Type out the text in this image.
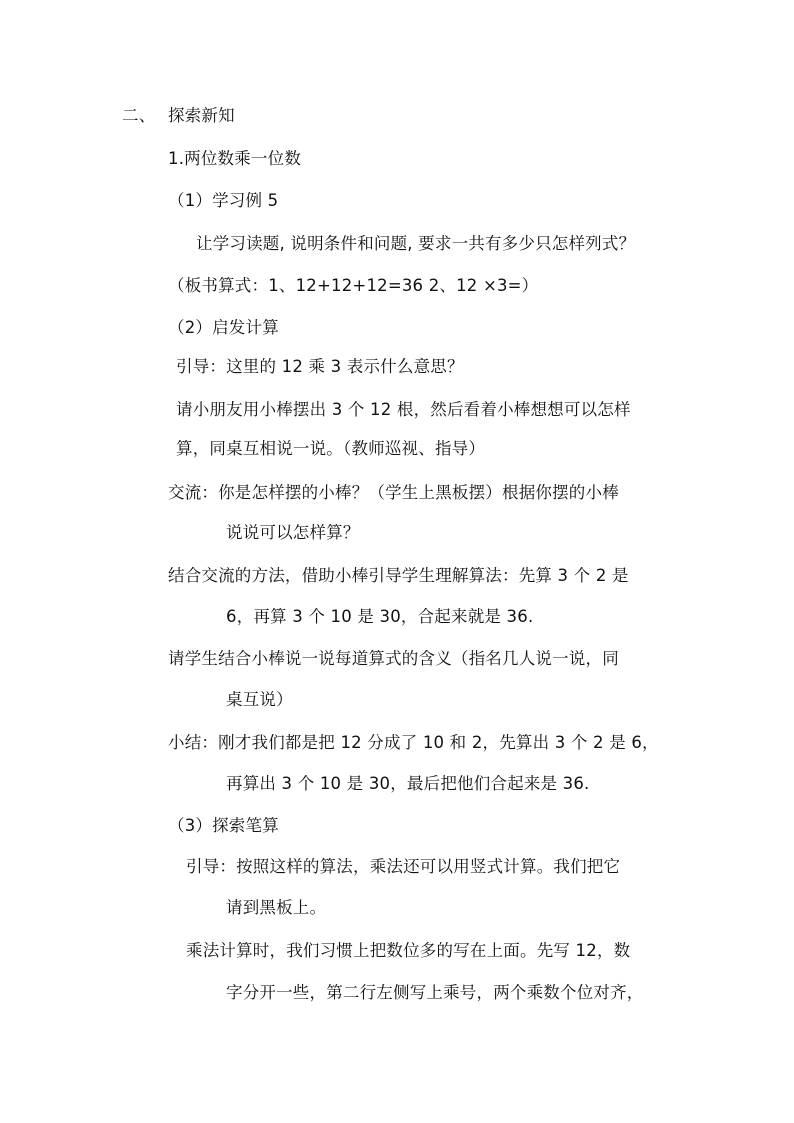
二、 探索新知
1.两位数乘一位数
（1）学习例 5
让学习读题, 说明条件和问题, 要求一共有多少只怎样列式？
（板书算式：1、12+12+12=36 2、12 ×3=）
（2）启发计算
引导：这里的 12 乘 3 表示什么意思？
请小朋友用小棒摆出 3 个 12 根，然后看着小棒想想可以怎样
算，同桌互相说一说。（教师巡视、指导）
交流：你是怎样摆的小棒？（学生上黑板摆）根据你摆的小棒
说说可以怎样算？
结合交流的方法，借助小棒引导学生理解算法：先算 3 个 2 是
6，再算 3 个 10 是 30，合起来就是 36.
请学生结合小棒说一说每道算式的含义（指名几人说一说，同
桌互说）
小结：刚才我们都是把 12 分成了 10 和 2，先算出 3 个 2 是 6，
再算出 3 个 10 是 30，最后把他们合起来是 36.
（3）探索笔算
引导：按照这样的算法，乘法还可以用竖式计算。我们把它
请到黑板上。
乘法计算时，我们习惯上把数位多的写在上面。先写 12，数
字分开一些，第二行左侧写上乘号，两个乘数个位对齐，
